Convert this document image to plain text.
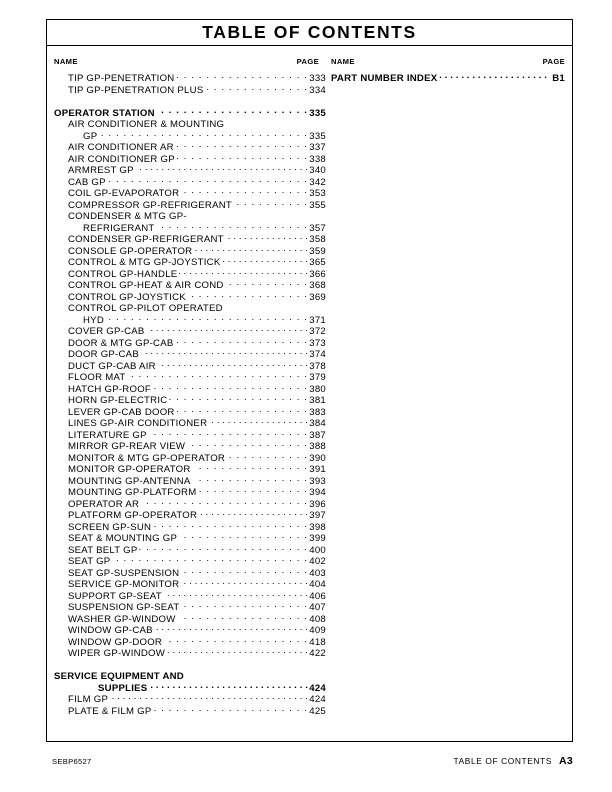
TABLE OF CONTENTS
NAME	PAGE NAME	PAGE
TIP GP-PENETRATION . . .	333
TIP GP-PENETRATION PLUS . . .	334
OPERATOR STATION . . .	335
AIR CONDITIONER & MOUNTING
GP . . .	335
AIR CONDITIONER AR . . .	337
AIR CONDITIONER GP . . .	338
ARMREST GP . . .	340
CAB GP . . .	342
COIL GP-EVAPORATOR . . .	353
COMPRESSOR GP-REFRIGERANT . . .	355
CONDENSER & MTG GP-
REFRIGERANT . . .	357
CONDENSER GP-REFRIGERANT . . .	358
CONSOLE GP-OPERATOR . . .	359
CONTROL & MTG GP-JOYSTICK . . .	365
CONTROL GP-HANDLE . . .	366
CONTROL GP-HEAT & AIR COND . . .	368
CONTROL GP-JOYSTICK . . .	369
CONTROL GP-PILOT OPERATED
HYD . . .	371
COVER GP-CAB . . .	372
DOOR & MTG GP-CAB . . .	373
DOOR GP-CAB . . .	374
DUCT GP-CAB AIR . . .	378
FLOOR MAT . . .	379
HATCH GP-ROOF . . .	380
HORN GP-ELECTRIC . . .	381
LEVER GP-CAB DOOR . . .	383
LINES GP-AIR CONDITIONER . . .	384
LITERATURE GP . . .	387
MIRROR GP-REAR VIEW . . .	388
MONITOR & MTG GP-OPERATOR . . .	390
MONITOR GP-OPERATOR . . .	391
MOUNTING GP-ANTENNA . . .	393
MOUNTING GP-PLATFORM . . .	394
OPERATOR AR . . .	396
PLATFORM GP-OPERATOR . . .	397
SCREEN GP-SUN . . .	398
SEAT & MOUNTING GP . . .	399
SEAT BELT GP . . .	400
SEAT GP . . .	402
SEAT GP-SUSPENSION . . .	403
SERVICE GP-MONITOR . . .	404
SUPPORT GP-SEAT . . .	406
SUSPENSION GP-SEAT . . .	407
WASHER GP-WINDOW . . .	408
WINDOW GP-CAB . . .	409
WINDOW GP-DOOR . . .	418
WIPER GP-WINDOW . . .	422
SERVICE EQUIPMENT AND
SUPPLIES . . .	424
FILM GP . . .	424
PLATE & FILM GP . . .	425
PART NUMBER INDEX . . .	B1
SEBP6527	TABLE OF CONTENTS A3
